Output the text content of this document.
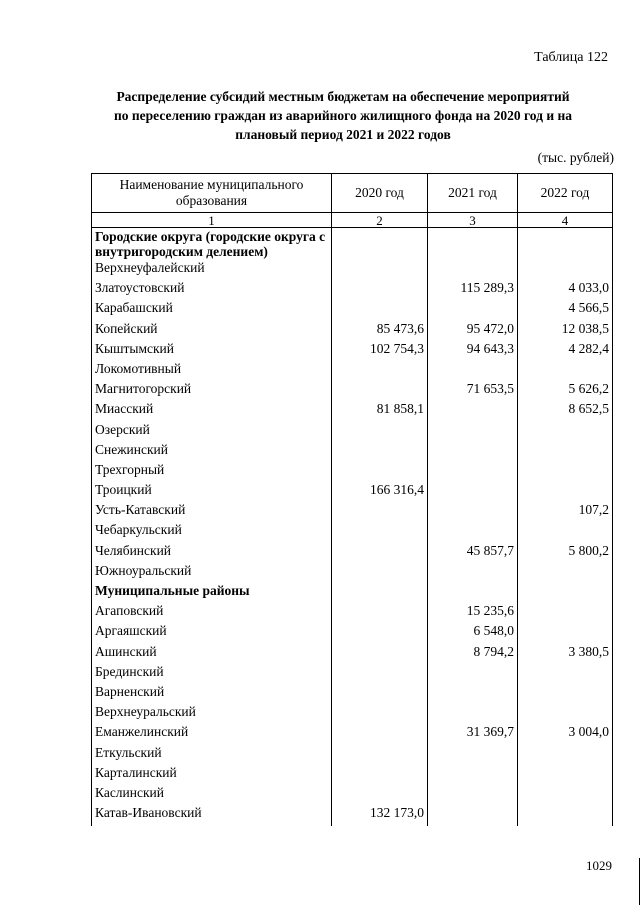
Таблица 122
Распределение субсидий местным бюджетам на обеспечение мероприятий
по переселению граждан из аварийного жилищного фонда на 2020 год и на
плановый период 2021 и 2022 годов
(тыс. рублей)
Наименование муниципального образования	2020 год	2021 год	2022 год
1	2	3	4
Городские округа (городские округа с внутригородским делением)			
Верхнеуфалейский			
Златоустовский		115 289,3	4 033,0
Карабашский			4 566,5
Копейский	85 473,6	95 472,0	12 038,5
Кыштымский	102 754,3	94 643,3	4 282,4
Локомотивный			
Магнитогорский		71 653,5	5 626,2
Миасский	81 858,1		8 652,5
Озерский			
Снежинский			
Трехгорный			
Троицкий	166 316,4		
Усть-Катавский			107,2
Чебаркульский			
Челябинский		45 857,7	5 800,2
Южноуральский			
Муниципальные районы			
Агаповский		15 235,6	
Аргаяшский		6 548,0	
Ашинский		8 794,2	3 380,5
Брединский			
Варненский			
Верхнеуральский			
Еманжелинский		31 369,7	3 004,0
Еткульский			
Карталинский			
Каслинский			
Катав-Ивановский	132 173,0		
1029
